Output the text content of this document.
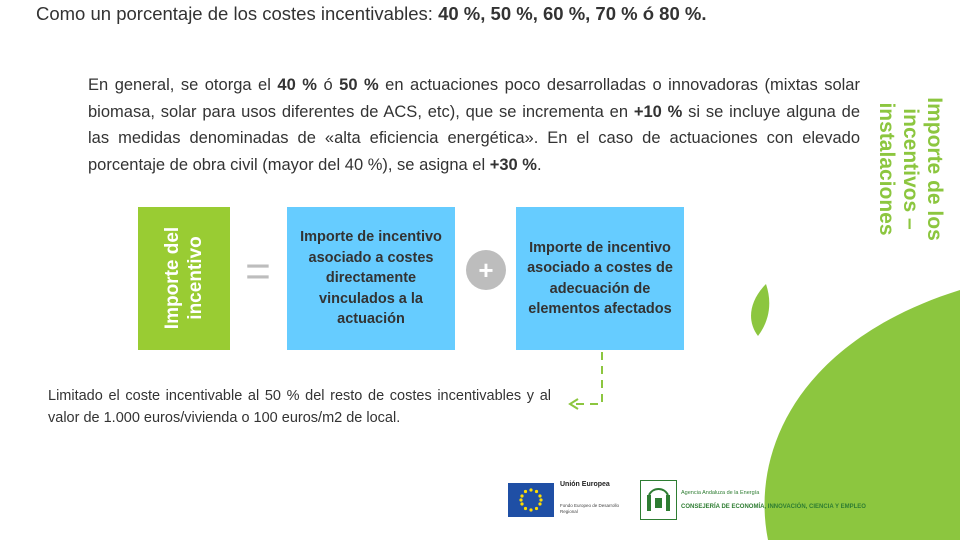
Como un porcentaje de los costes incentivables: 40 %, 50 %, 60 %, 70 % ó 80 %.

En general, se otorga el 40 % ó 50 % en actuaciones poco desarrolladas o innovadoras (mixtas solar biomasa, solar para usos diferentes de ACS, etc), que se incrementa en +10 % si se incluye alguna de las medidas denominadas de «alta eficiencia energética». En el caso de actuaciones con elevado porcentaje de obra civil (mayor del 40 %), se asigna el +30 %.	Importe de los incentivos – instalaciones
Importe del incentivo =
Importe de incentivo asociado a costes directamente vinculados a la actuación
+
Importe de incentivo asociado a costes de adecuación de elementos afectados

Limitado el coste incentivable al 50 % del resto de costes incentivables y al valor de 1.000 euros/vivienda o 100 euros/m2 de local.

Unión Europea
Fondo Europeo de Desarrollo Regional
Agencia Andaluza de la Energía
CONSEJERÍA DE ECONOMÍA, INNOVACIÓN, CIENCIA Y EMPLEO
